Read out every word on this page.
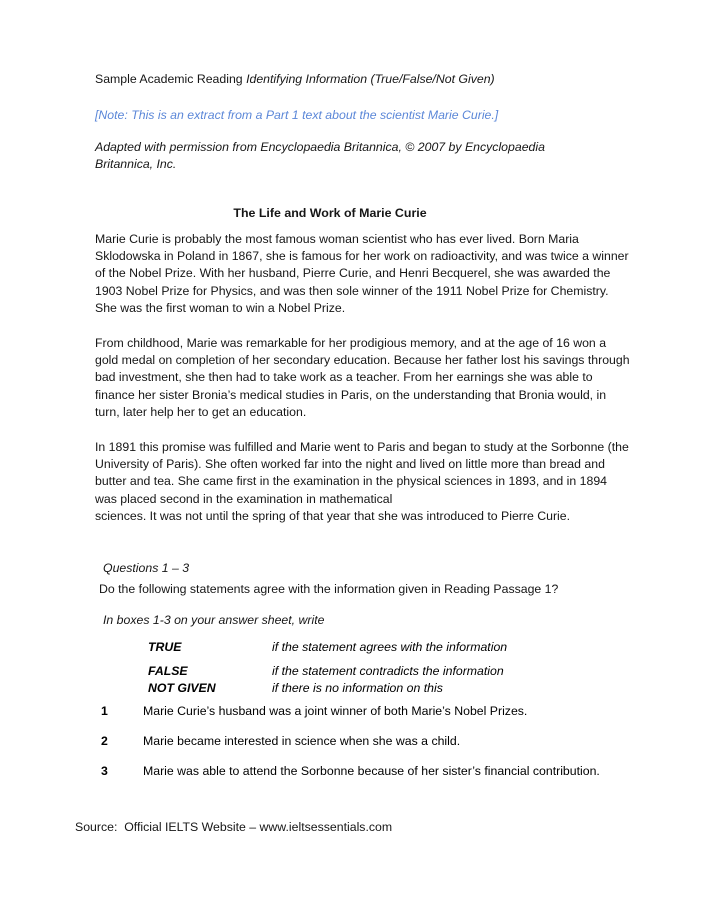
Sample Academic Reading Identifying Information (True/False/Not Given)
[Note: This is an extract from a Part 1 text about the scientist Marie Curie.]
Adapted with permission from Encyclopaedia Britannica, © 2007 by Encyclopaedia Britannica, Inc.
The Life and Work of Marie Curie
Marie Curie is probably the most famous woman scientist who has ever lived. Born Maria Sklodowska in Poland in 1867, she is famous for her work on radioactivity, and was twice a winner of the Nobel Prize. With her husband, Pierre Curie, and Henri Becquerel, she was awarded the 1903 Nobel Prize for Physics, and was then sole winner of the 1911 Nobel Prize for Chemistry. She was the first woman to win a Nobel Prize.
From childhood, Marie was remarkable for her prodigious memory, and at the age of 16 won a gold medal on completion of her secondary education. Because her father lost his savings through bad investment, she then had to take work as a teacher. From her earnings she was able to finance her sister Bronia’s medical studies in Paris, on the understanding that Bronia would, in turn, later help her to get an education.
In 1891 this promise was fulfilled and Marie went to Paris and began to study at the Sorbonne (the University of Paris). She often worked far into the night and lived on little more than bread and butter and tea. She came first in the examination in the physical sciences in 1893, and in 1894 was placed second in the examination in mathematical
sciences. It was not until the spring of that year that she was introduced to Pierre Curie.
Questions 1 – 3
Do the following statements agree with the information given in Reading Passage 1?
In boxes 1-3 on your answer sheet, write
TRUE	if the statement agrees with the information
FALSE	if the statement contradicts the information
NOT GIVEN	if there is no information on this
1	Marie Curie’s husband was a joint winner of both Marie’s Nobel Prizes.
2	Marie became interested in science when she was a child.
3	Marie was able to attend the Sorbonne because of her sister’s financial contribution.
Source:  Official IELTS Website – www.ieltsessentials.com
